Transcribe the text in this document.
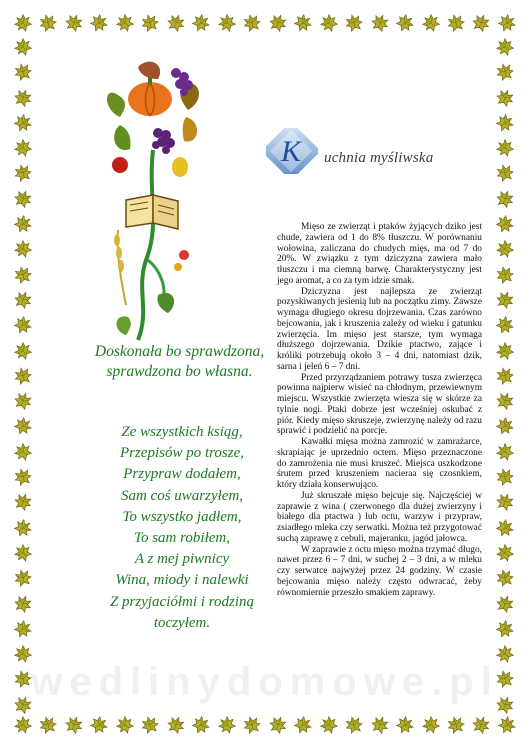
K uchnia myśliwska
Doskonała bo sprawdzona,
sprawdzona bo własna.
Ze wszystkich ksiąg,
Przepisów po trosze,
Przypraw dodałem,
Sam coś uwarzyłem,
To wszystko jadłem,
To sam robiłem,
A z mej piwnicy
Wina, miody i nalewki
Z przyjaciółmi i rodziną
toczyłem.

Mięso ze zwierząt i ptaków żyjących dziko jest chude, zawiera od 1 do 8% tłuszczu. W porównaniu wołowina, zaliczana do chudych mięs, ma od 7 do 20%. W związku z tym dziczyzna zawiera mało tłuszczu i ma ciemną barwę. Charakterystyczny jest jego aromat, a co za tym idzie smak.

Dziczyzna jest najlepsza ze zwierząt pozyskiwanych jesienią lub na początku zimy. Zawsze wymaga długiego okresu dojrzewania. Czas zarówno bejcowania, jak i kruszenia zależy od wieku i gatunku zwierzęcia. Im mięso jest starsze, tym wymaga dłuższego dojrzewania. Dzikie ptactwo, zające i króliki potrzebują około 3 – 4 dni, natomiast dzik, sarna i jeleń 6 – 7 dni.

Przed przyrządzaniem potrawy tusza zwierzęca powinna najpierw wisieć na chłodnym, przewiewnym miejscu. Wszystkie zwierzęta wiesza się w skórze za tylnie nogi. Ptaki dobrze jest wcześniej oskubać z piór. Kiedy mięso skruszeje, zwierzynę należy od razu sprawić i podzielić na porcje.

Kawałki mięsa można zamrozić w zamrażarce, skrapiając je uprzednio octem. Mięso przeznaczone do zamrożenia nie musi kruszeć. Miejsca uszkodzone śrutem przed kruszeniem nacieraа się czosnkiem, który działa konserwująco.

Już skruszałe mięso bejcuje się. Najczęściej w zaprawie z wina ( czerwonego dla dużej zwierzyny i białego dla ptactwa ) lub octu, warzyw i przypraw, zsiadłego mleka czy serwatki. Można też przygotować suchą zaprawę z cebuli, majeranku, jagód jałowca.

W zaprawie z octu mięso można trzymać długo, nawet przez 6 – 7 dni, w suchej 2 – 3 dni, a w mleku czy serwatce najwyżej przez 24 godziny. W czasie bejcowania mięso należy często odwracać, żeby równomiernie przeszło smakiem zaprawy.

wedlinydomowe.pl
